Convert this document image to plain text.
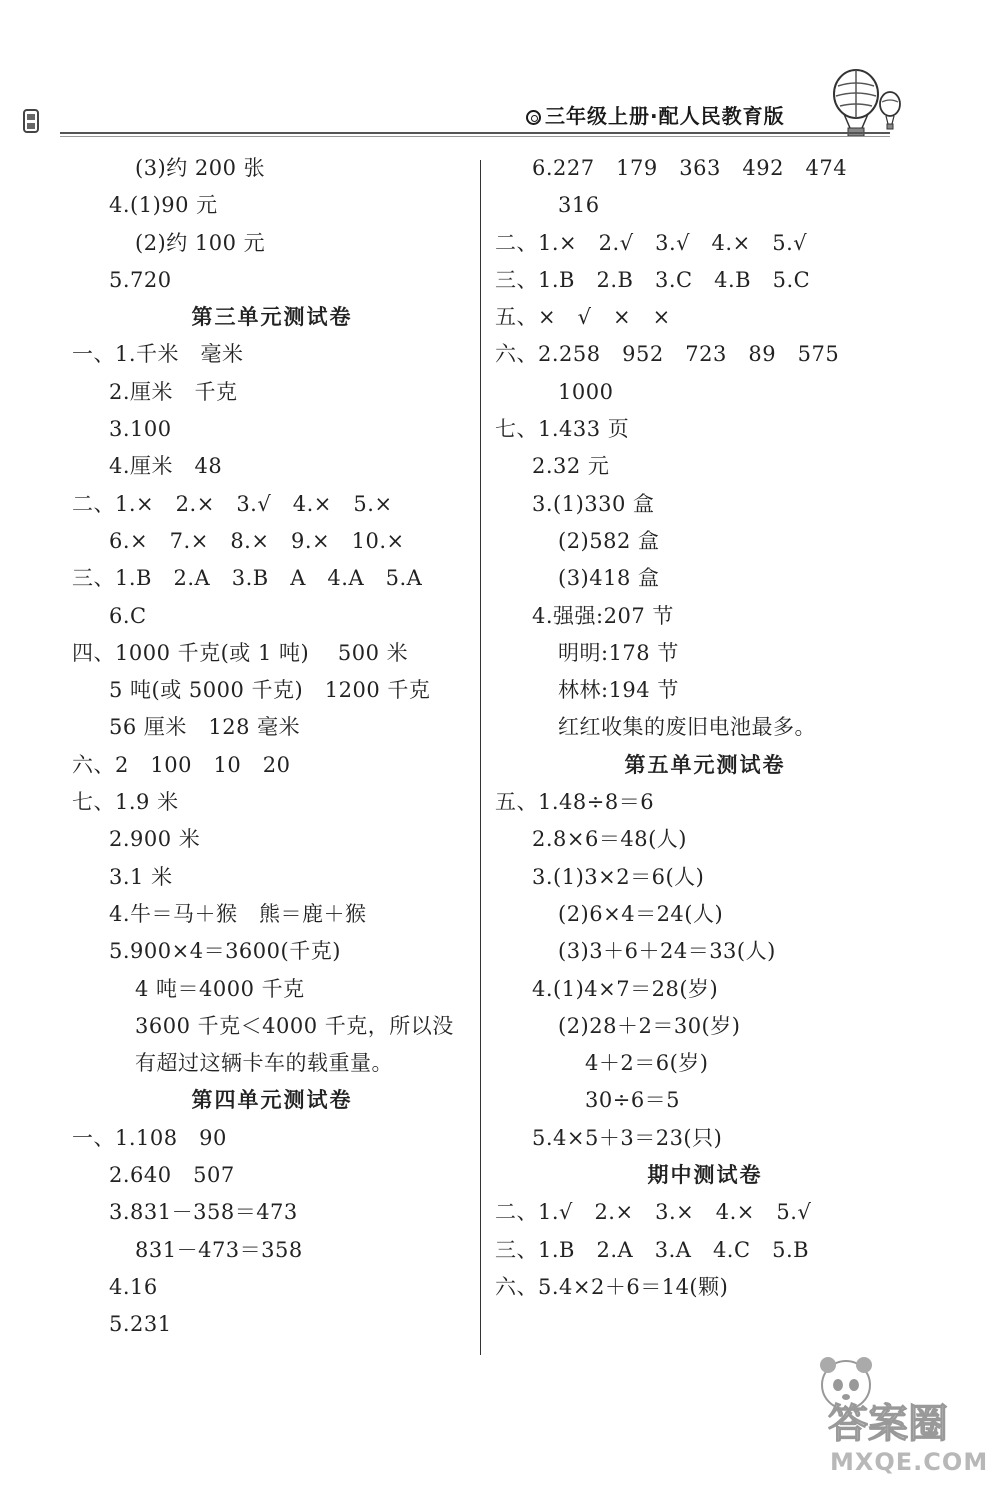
三年级上册·配人民教育版
(3)约 200 张
4.(1)90 元
(2)约 100 元
5.720
第三单元测试卷
一、1.千米   毫米
2.厘米   千克
3.100
4.厘米   48
二、1.×   2.×   3.√   4.×   5.×
6.×   7.×   8.×   9.×   10.×
三、1.B   2.A   3.B   A   4.A   5.A
6.C
四、1000 千克(或 1 吨)    500 米
5 吨(或 5000 千克)   1200 千克
56 厘米   128 毫米
六、2   100   10   20
七、1.9 米
2.900 米
3.1 米
4.牛＝马＋猴   熊＝鹿＋猴
5.900×4＝3600(千克)
4 吨＝4000 千克
3600 千克＜4000 千克，所以没
有超过这辆卡车的载重量。
第四单元测试卷
一、1.108   90
2.640   507
3.831－358＝473
831－473＝358
4.16
5.231
6.227   179   363   492   474
316
二、1.×   2.√   3.√   4.×   5.√
三、1.B   2.B   3.C   4.B   5.C
五、×   √   ×   ×
六、2.258   952   723   89   575
1000
七、1.433 页
2.32 元
3.(1)330 盒
(2)582 盒
(3)418 盒
4.强强:207 节
明明:178 节
林林:194 节
红红收集的废旧电池最多。
第五单元测试卷
五、1.48÷8＝6
2.8×6＝48(人)
3.(1)3×2＝6(人)
(2)6×4＝24(人)
(3)3＋6＋24＝33(人)
4.(1)4×7＝28(岁)
(2)28＋2＝30(岁)
4＋2＝6(岁)
30÷6＝5
5.4×5＋3＝23(只)
期中测试卷
二、1.√   2.×   3.×   4.×   5.√
三、1.B   2.A   3.A   4.C   5.B
六、5.4×2＋6＝14(颗)
答案圈
MXQE.COM
